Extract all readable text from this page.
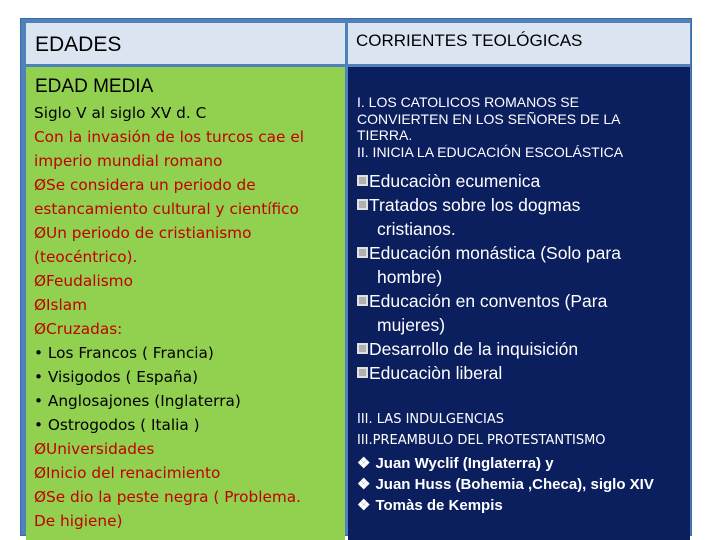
EDADES	CORRIENTES TEOLÓGICAS
EDAD MEDIA
Siglo V al siglo XV d. C
Con la invasión de los turcos cae el
imperio mundial romano
ØSe considera un periodo de
estancamiento cultural y científico
ØUn periodo de cristianismo
(teocéntrico).
ØFeudalismo
ØIslam
ØCruzadas:
• Los Francos ( Francia)
• Visigodos ( España)
• Anglosajones (Inglaterra)
• Ostrogodos ( Italia )
ØUniversidades
ØInicio del renacimiento
ØSe dio la peste negra ( Problema.
De higiene)
I. LOS CATOLICOS ROMANOS SE
CONVIERTEN EN LOS SEÑORES DE LA
TIERRA.
II. INICIA LA EDUCACIÓN ESCOLÁSTICA
Educaciòn ecumenica
Tratados sobre los dogmas
cristianos.
Educación monástica (Solo para
hombre)
Educación en conventos (Para
mujeres)
Desarrollo de la inquisición
Educaciòn liberal
III. LAS INDULGENCIAS
III.PREAMBULO DEL PROTESTANTISMO
❖ Juan Wyclif (Inglaterra) y
❖ Juan Huss (Bohemia ,Checa), siglo XIV
❖ Tomàs de Kempis
